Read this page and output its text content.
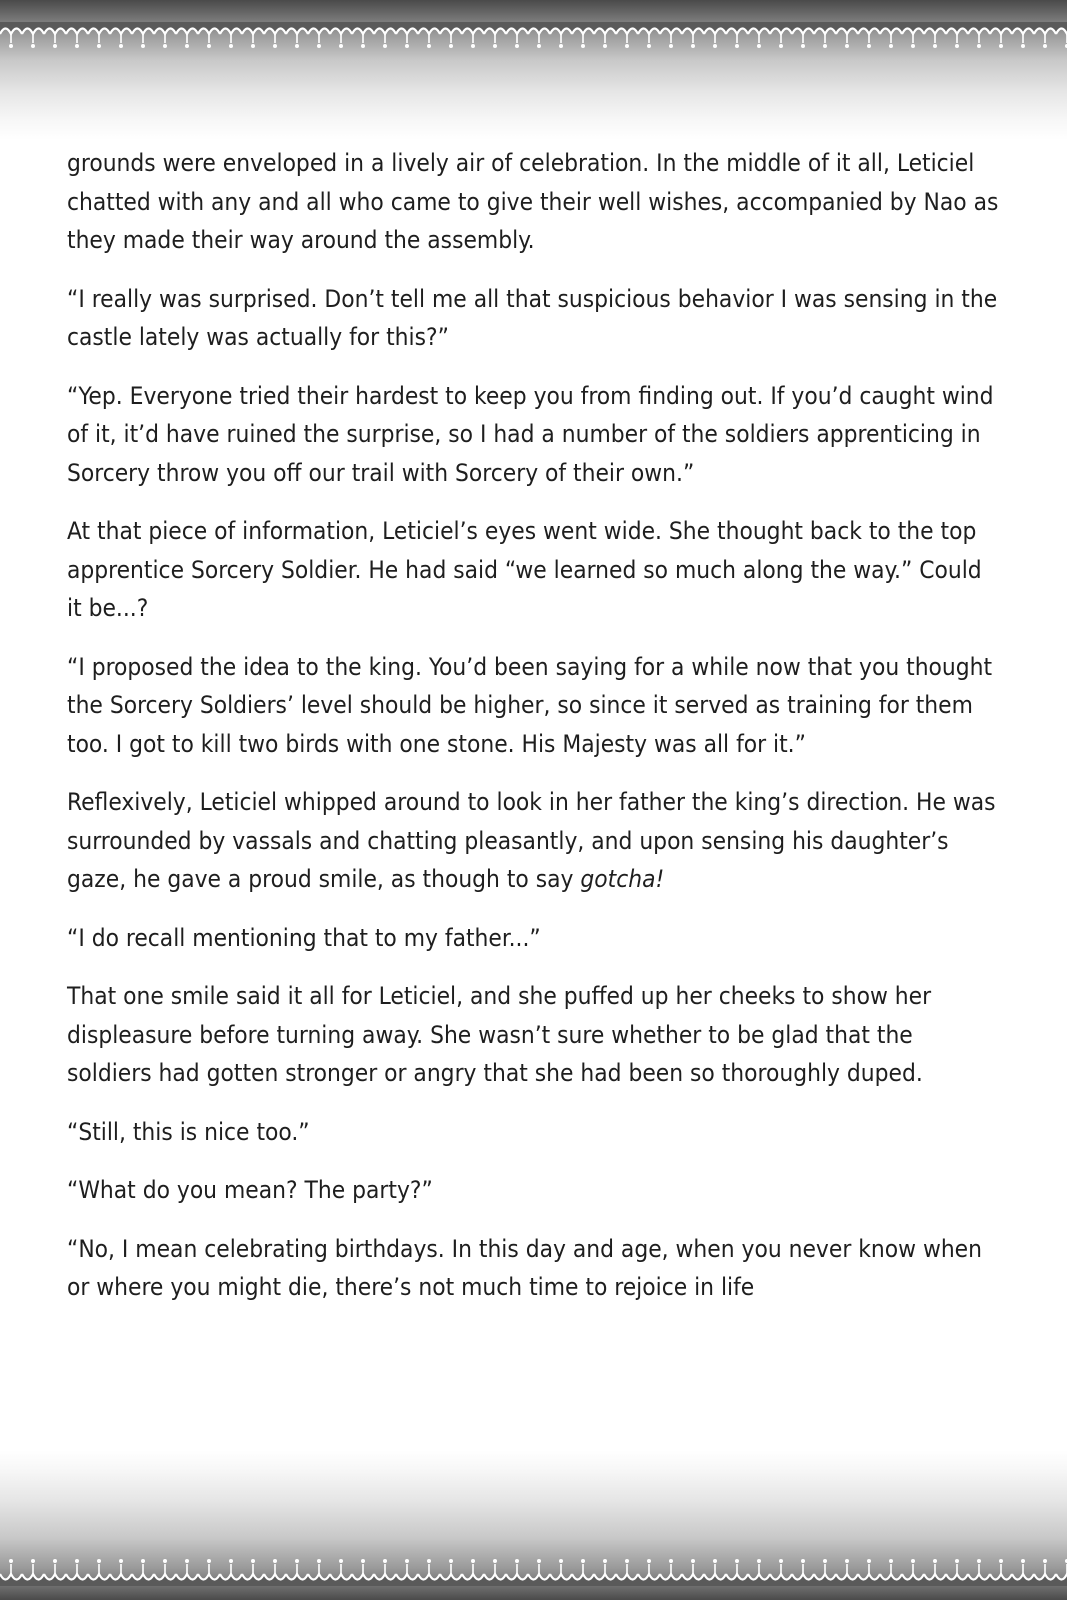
grounds were enveloped in a lively air of celebration. In the middle of it all, Leticiel chatted with any and all who came to give their well wishes, accompanied by Nao as they made their way around the assembly.

“I really was surprised. Don’t tell me all that suspicious behavior I was sensing in the castle lately was actually for this?”

“Yep. Everyone tried their hardest to keep you from finding out. If you’d caught wind of it, it’d have ruined the surprise, so I had a number of the soldiers apprenticing in Sorcery throw you off our trail with Sorcery of their own.”

At that piece of information, Leticiel’s eyes went wide. She thought back to the top apprentice Sorcery Soldier. He had said “we learned so much along the way.” Could it be...?

“I proposed the idea to the king. You’d been saying for a while now that you thought the Sorcery Soldiers’ level should be higher, so since it served as training for them too. I got to kill two birds with one stone. His Majesty was all for it.”

Reflexively, Leticiel whipped around to look in her father the king’s direction. He was surrounded by vassals and chatting pleasantly, and upon sensing his daughter’s gaze, he gave a proud smile, as though to say gotcha!

“I do recall mentioning that to my father...”

That one smile said it all for Leticiel, and she puffed up her cheeks to show her displeasure before turning away. She wasn’t sure whether to be glad that the soldiers had gotten stronger or angry that she had been so thoroughly duped.

“Still, this is nice too.”

“What do you mean? The party?”

“No, I mean celebrating birthdays. In this day and age, when you never know when or where you might die, there’s not much time to rejoice in life
